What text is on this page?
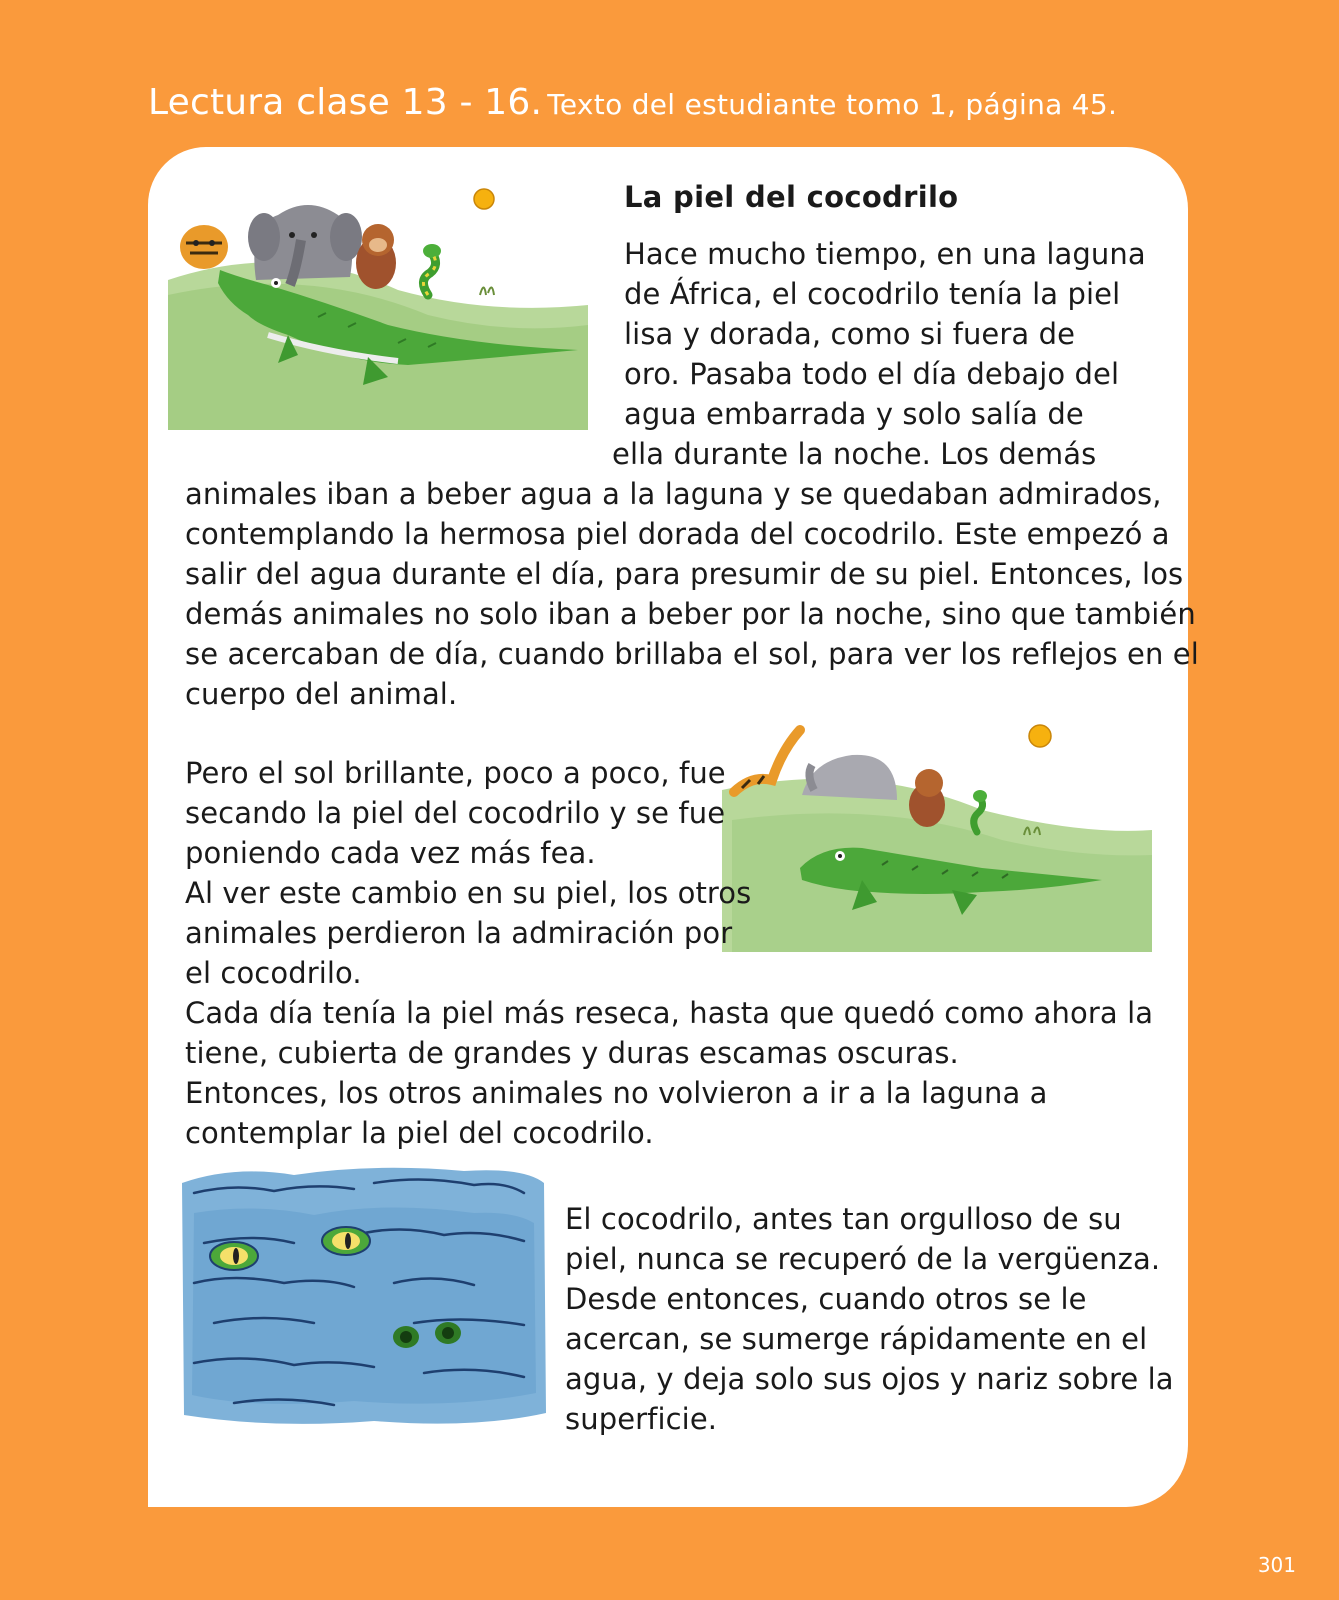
Lectura clase 13 - 16. Texto del estudiante tomo 1, página 45.
La piel del cocodrilo
Hace mucho tiempo, en una laguna
de África, el cocodrilo tenía la piel
lisa y dorada, como si fuera de
oro. Pasaba todo el día debajo del
agua embarrada y solo salía de
ella durante la noche. Los demás
animales iban a beber agua a la laguna y se quedaban admirados,
contemplando la hermosa piel dorada del cocodrilo. Este empezó a
salir del agua durante el día, para presumir de su piel. Entonces, los
demás animales no solo iban a beber por la noche, sino que también
se acercaban de día, cuando brillaba el sol, para ver los reflejos en el
cuerpo del animal.
Pero el sol brillante, poco a poco, fue
secando la piel del cocodrilo y se fue
poniendo cada vez más fea.
Al ver este cambio en su piel, los otros
animales perdieron la admiración por
el cocodrilo.
Cada día tenía la piel más reseca, hasta que quedó como ahora la
tiene, cubierta de grandes y duras escamas oscuras.
Entonces, los otros animales no volvieron a ir a la laguna a
contemplar la piel del cocodrilo.
El cocodrilo, antes tan orgulloso de su
piel, nunca se recuperó de la vergüenza.
Desde entonces, cuando otros se le
acercan, se sumerge rápidamente en el
agua, y deja solo sus ojos y nariz sobre la
superficie.
301
